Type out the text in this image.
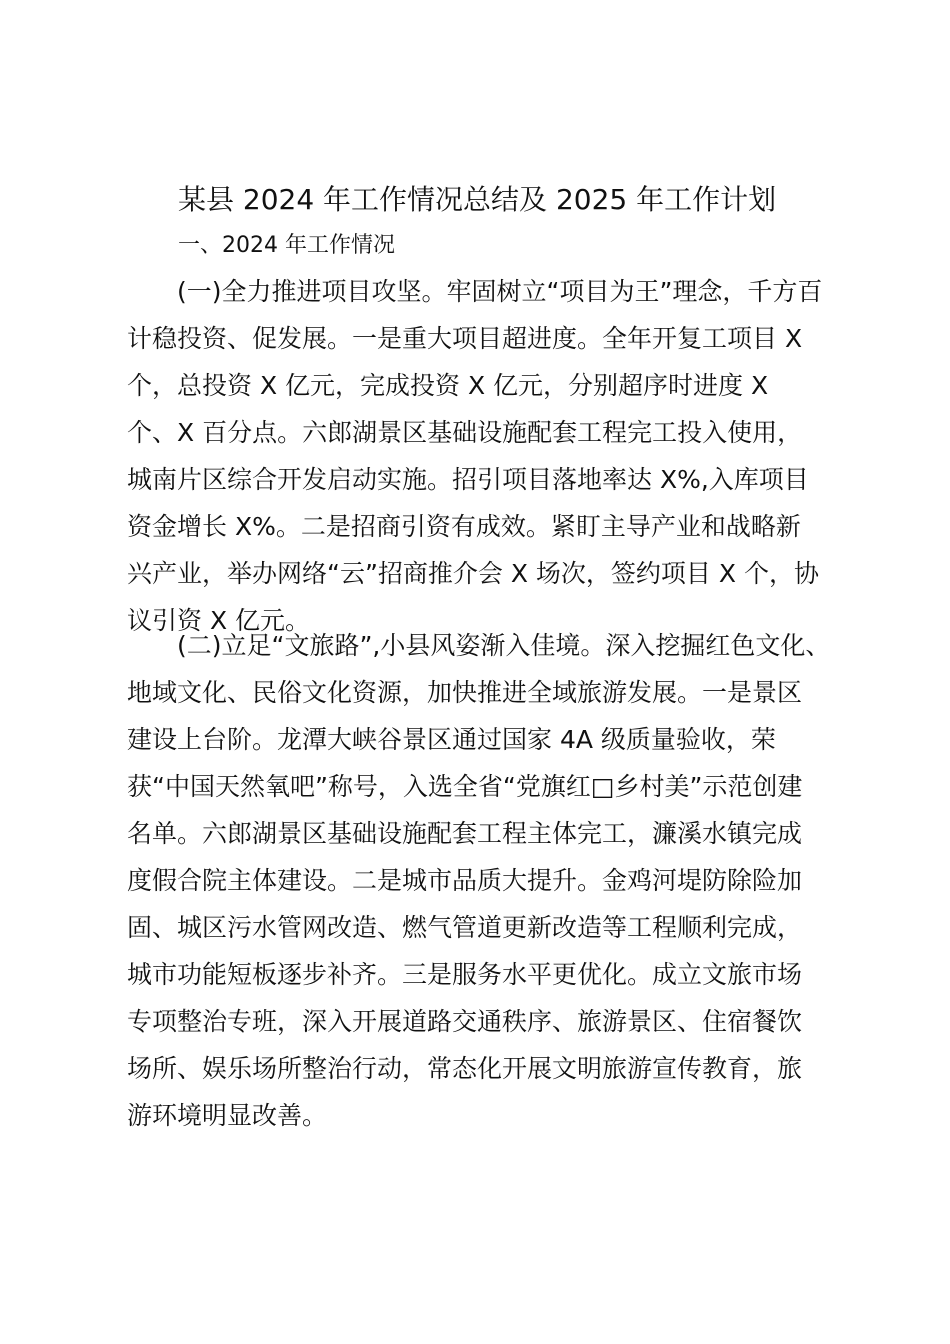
某县 2024 年工作情况总结及 2025 年工作计划
一、2024 年工作情况
　　(一)全力推进项目攻坚。牢固树立“项目为王”理念，千方百
计稳投资、促发展。一是重大项目超进度。全年开复工项目 X
个，总投资 X 亿元，完成投资 X 亿元，分别超序时进度 X
个、X 百分点。六郎湖景区基础设施配套工程完工投入使用，
城南片区综合开发启动实施。招引项目落地率达 X%,入库项目
资金增长 X%。二是招商引资有成效。紧盯主导产业和战略新
兴产业，举办网络“云”招商推介会 X 场次，签约项目 X 个，协
议引资 X 亿元。
　　(二)立足“文旅路”,小县风姿渐入佳境。深入挖掘红色文化、
地域文化、民俗文化资源，加快推进全域旅游发展。一是景区
建设上台阶。龙潭大峡谷景区通过国家 4A 级质量验收，荣
获“中国天然氧吧”称号，入选全省“党旗红□乡村美”示范创建
名单。六郎湖景区基础设施配套工程主体完工，濂溪水镇完成
度假合院主体建设。二是城市品质大提升。金鸡河堤防除险加
固、城区污水管网改造、燃气管道更新改造等工程顺利完成，
城市功能短板逐步补齐。三是服务水平更优化。成立文旅市场
专项整治专班，深入开展道路交通秩序、旅游景区、住宿餐饮
场所、娱乐场所整治行动，常态化开展文明旅游宣传教育，旅
游环境明显改善。
